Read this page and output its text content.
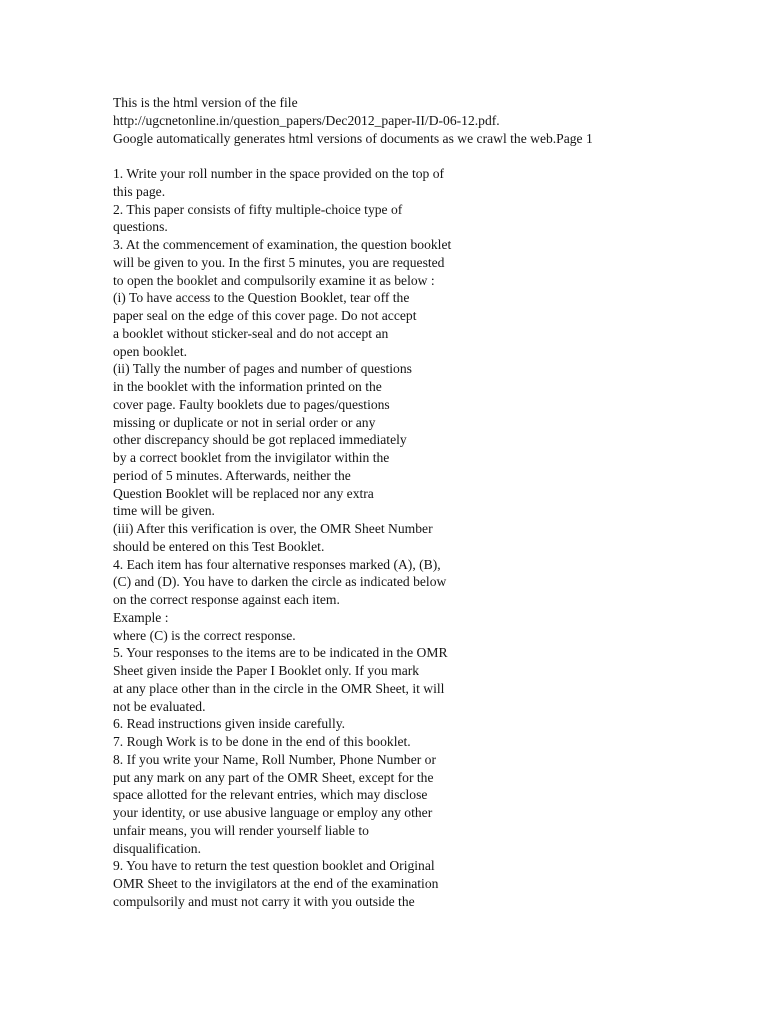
This is the html version of the file
http://ugcnetonline.in/question_papers/Dec2012_paper-II/D-06-12.pdf.
Google automatically generates html versions of documents as we crawl the web.Page 1
1. Write your roll number in the space provided on the top of
this page.
2. This paper consists of fifty multiple-choice type of
questions.
3. At the commencement of examination, the question booklet
will be given to you. In the first 5 minutes, you are requested
to open the booklet and compulsorily examine it as below :
(i) To have access to the Question Booklet, tear off the
paper seal on the edge of this cover page. Do not accept
a booklet without sticker-seal and do not accept an
open booklet.
(ii) Tally the number of pages and number of questions
in the booklet with the information printed on the
cover page. Faulty booklets due to pages/questions
missing or duplicate or not in serial order or any
other discrepancy should be got replaced immediately
by a correct booklet from the invigilator within the
period of 5 minutes. Afterwards, neither the
Question Booklet will be replaced nor any extra
time will be given.
(iii) After this verification is over, the OMR Sheet Number
should be entered on this Test Booklet.
4. Each item has four alternative responses marked (A), (B),
(C) and (D). You have to darken the circle as indicated below
on the correct response against each item.
Example :
where (C) is the correct response.
5. Your responses to the items are to be indicated in the OMR
Sheet given inside the Paper I Booklet only. If you mark
at any place other than in the circle in the OMR Sheet, it will
not be evaluated.
6. Read instructions given inside carefully.
7. Rough Work is to be done in the end of this booklet.
8. If you write your Name, Roll Number, Phone Number or
put any mark on any part of the OMR Sheet, except for the
space allotted for the relevant entries, which may disclose
your identity, or use abusive language or employ any other
unfair means, you will render yourself liable to
disqualification.
9. You have to return the test question booklet and Original
OMR Sheet to the invigilators at the end of the examination
compulsorily and must not carry it with you outside the
